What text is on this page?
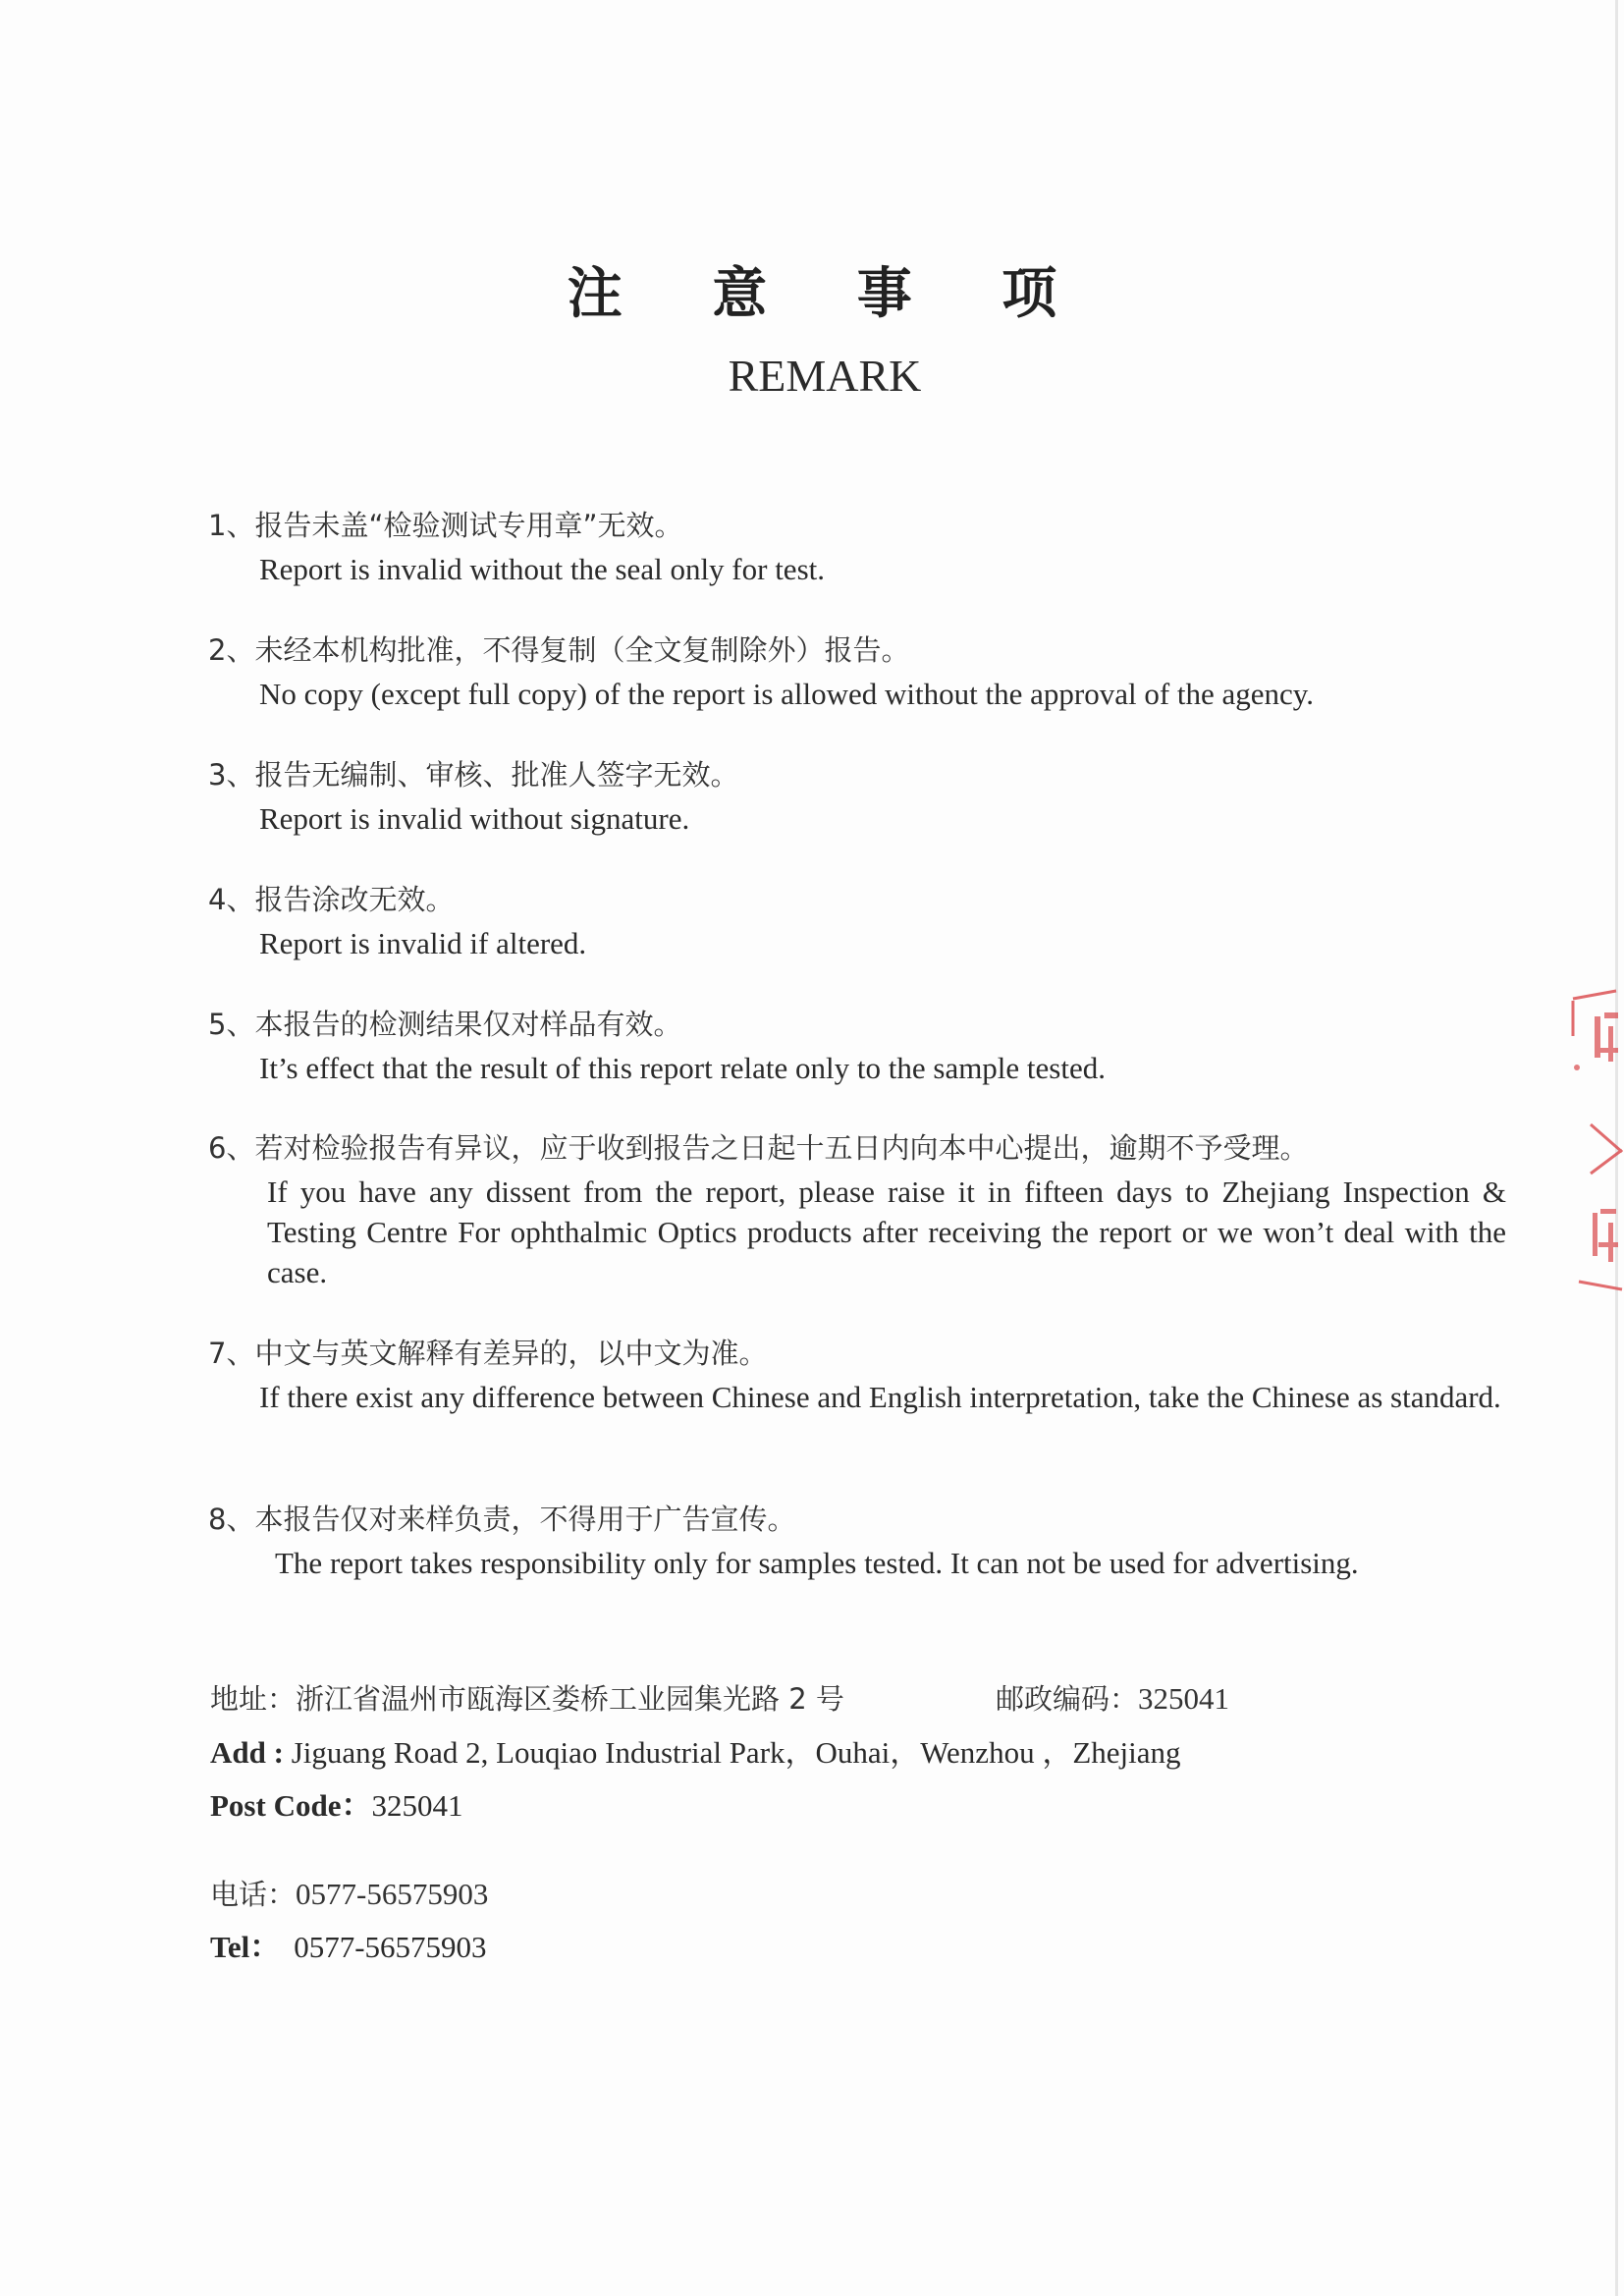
注 意 事 项
REMARK
1、报告未盖“检验测试专用章”无效。
Report is invalid without the seal only for test.
2、未经本机构批准，不得复制（全文复制除外）报告。
No copy (except full copy) of the report is allowed without the approval of the agency.
3、报告无编制、审核、批准人签字无效。
Report is invalid without signature.
4、报告涂改无效。
Report is invalid if altered.
5、本报告的检测结果仅对样品有效。
It’s effect that the result of this report relate only to the sample tested.
6、若对检验报告有异议，应于收到报告之日起十五日内向本中心提出，逾期不予受理。
If you have any dissent from the report, please raise it in fifteen days to Zhejiang Inspection & Testing Centre For ophthalmic Optics products after receiving the report or we won’t deal with the case.
7、中文与英文解释有差异的，以中文为准。
If there exist any difference between Chinese and English interpretation, take the Chinese as standard.
8、本报告仅对来样负责，不得用于广告宣传。
The report takes responsibility only for samples tested. It can not be used for advertising.
地址：浙江省温州市瓯海区娄桥工业园集光路 2 号	邮政编码：325041
Add : Jiguang Road 2, Louqiao Industrial Park，Ouhai，Wenzhou ，Zhejiang
Post Code：325041
电话：0577-56575903
Tel： 0577-56575903
